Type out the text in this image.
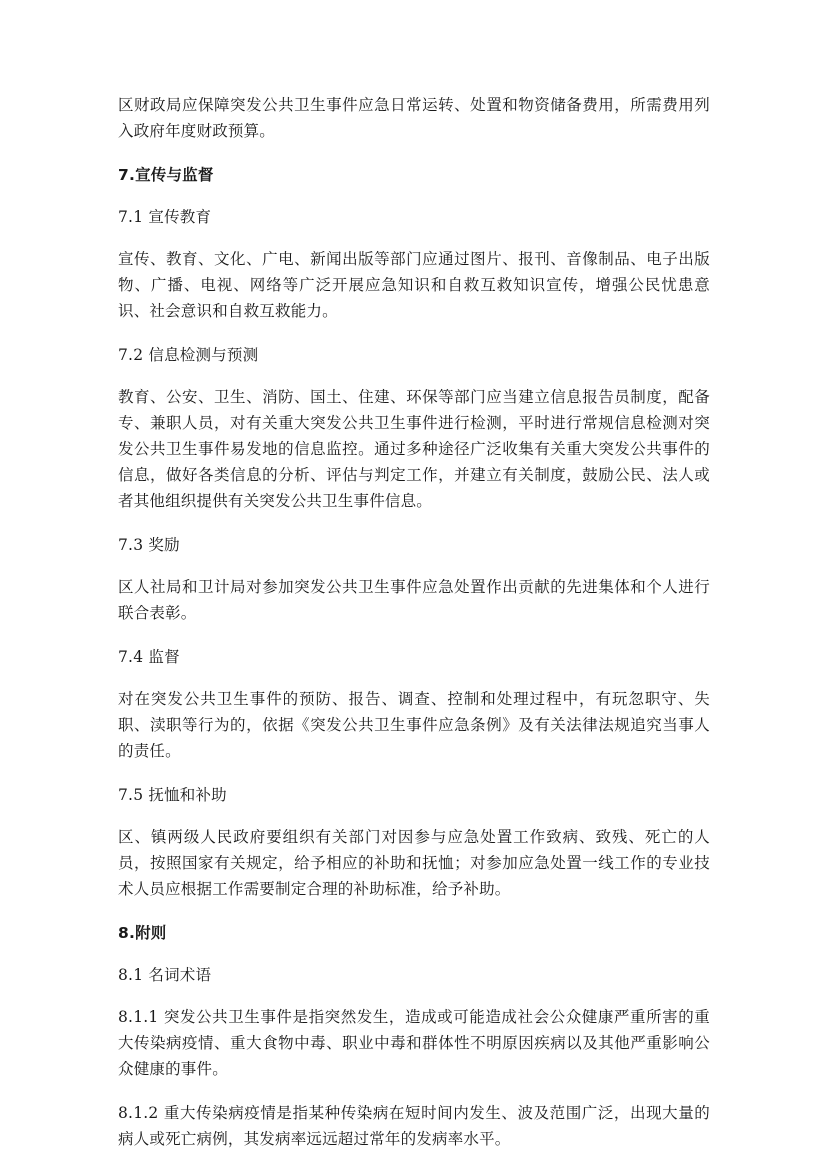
区财政局应保障突发公共卫生事件应急日常运转、处置和物资储备费用，所需费用列入政府年度财政预算。

7.宣传与监督

7.1 宣传教育

宣传、教育、文化、广电、新闻出版等部门应通过图片、报刊、音像制品、电子出版物、广播、电视、网络等广泛开展应急知识和自救互救知识宣传，增强公民忧患意识、社会意识和自救互救能力。

7.2 信息检测与预测

教育、公安、卫生、消防、国土、住建、环保等部门应当建立信息报告员制度，配备专、兼职人员，对有关重大突发公共卫生事件进行检测，平时进行常规信息检测对突发公共卫生事件易发地的信息监控。通过多种途径广泛收集有关重大突发公共事件的信息，做好各类信息的分析、评估与判定工作，并建立有关制度，鼓励公民、法人或者其他组织提供有关突发公共卫生事件信息。

7.3 奖励

区人社局和卫计局对参加突发公共卫生事件应急处置作出贡献的先进集体和个人进行联合表彰。

7.4 监督

对在突发公共卫生事件的预防、报告、调查、控制和处理过程中，有玩忽职守、失职、渎职等行为的，依据《突发公共卫生事件应急条例》及有关法律法规追究当事人的责任。

7.5 抚恤和补助

区、镇两级人民政府要组织有关部门对因参与应急处置工作致病、致残、死亡的人员，按照国家有关规定，给予相应的补助和抚恤；对参加应急处置一线工作的专业技术人员应根据工作需要制定合理的补助标准，给予补助。

8.附则

8.1 名词术语

8.1.1 突发公共卫生事件是指突然发生，造成或可能造成社会公众健康严重所害的重大传染病疫情、重大食物中毒、职业中毒和群体性不明原因疾病以及其他严重影响公众健康的事件。

8.1.2 重大传染病疫情是指某种传染病在短时间内发生、波及范围广泛，出现大量的病人或死亡病例，其发病率远远超过常年的发病率水平。
